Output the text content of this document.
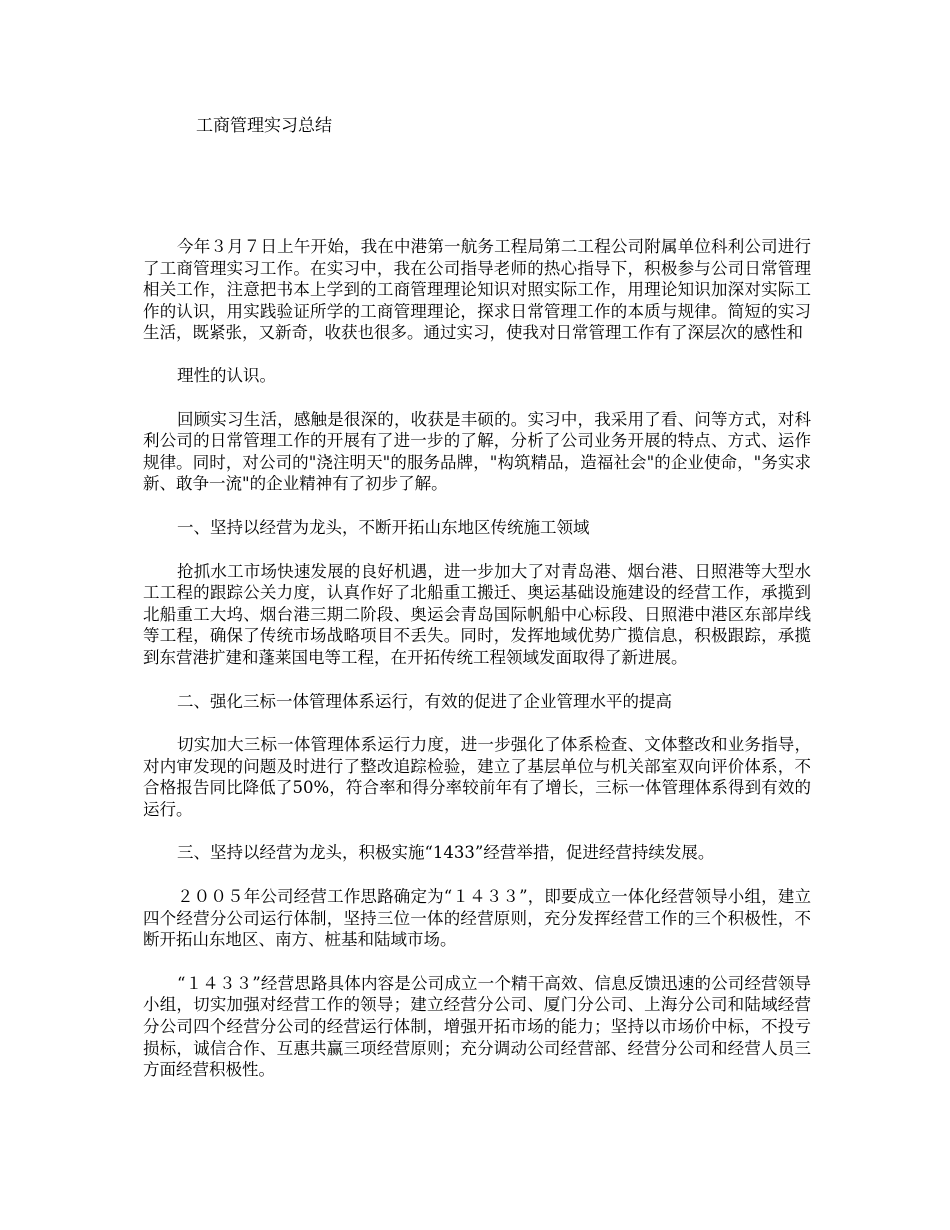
工商管理实习总结

今年３月７日上午开始，我在中港第一航务工程局第二工程公司附属单位科利公司进行了工商管理实习工作。在实习中，我在公司指导老师的热心指导下，积极参与公司日常管理相关工作，注意把书本上学到的工商管理理论知识对照实际工作，用理论知识加深对实际工作的认识，用实践验证所学的工商管理理论，探求日常管理工作的本质与规律。简短的实习生活，既紧张，又新奇，收获也很多。通过实习，使我对日常管理工作有了深层次的感性和

理性的认识。

回顾实习生活，感触是很深的，收获是丰硕的。实习中，我采用了看、问等方式，对科利公司的日常管理工作的开展有了进一步的了解，分析了公司业务开展的特点、方式、运作规律。同时，对公司的"浇注明天"的服务品牌，"构筑精品，造福社会"的企业使命，"务实求新、敢争一流"的企业精神有了初步了解。

一、坚持以经营为龙头，不断开拓山东地区传统施工领域

抢抓水工市场快速发展的良好机遇，进一步加大了对青岛港、烟台港、日照港等大型水工工程的跟踪公关力度，认真作好了北船重工搬迁、奥运基础设施建设的经营工作，承揽到北船重工大坞、烟台港三期二阶段、奥运会青岛国际帆船中心标段、日照港中港区东部岸线等工程，确保了传统市场战略项目不丢失。同时，发挥地域优势广揽信息，积极跟踪，承揽到东营港扩建和蓬莱国电等工程，在开拓传统工程领域发面取得了新进展。

二、强化三标一体管理体系运行，有效的促进了企业管理水平的提高

切实加大三标一体管理体系运行力度，进一步强化了体系检查、文体整改和业务指导，对内审发现的问题及时进行了整改追踪检验，建立了基层单位与机关部室双向评价体系，不合格报告同比降低了50%，符合率和得分率较前年有了增长，三标一体管理体系得到有效的运行。

三、坚持以经营为龙头，积极实施“1433”经营举措，促进经营持续发展。

２００５年公司经营工作思路确定为“１４３３”，即要成立一体化经营领导小组，建立四个经营分公司运行体制，坚持三位一体的经营原则，充分发挥经营工作的三个积极性，不断开拓山东地区、南方、桩基和陆域市场。

“１４３３”经营思路具体内容是公司成立一个精干高效、信息反馈迅速的公司经营领导小组，切实加强对经营工作的领导；建立经营分公司、厦门分公司、上海分公司和陆域经营分公司四个经营分公司的经营运行体制，增强开拓市场的能力；坚持以市场价中标，不投亏损标，诚信合作、互惠共赢三项经营原则；充分调动公司经营部、经营分公司和经营人员三方面经营积极性。
